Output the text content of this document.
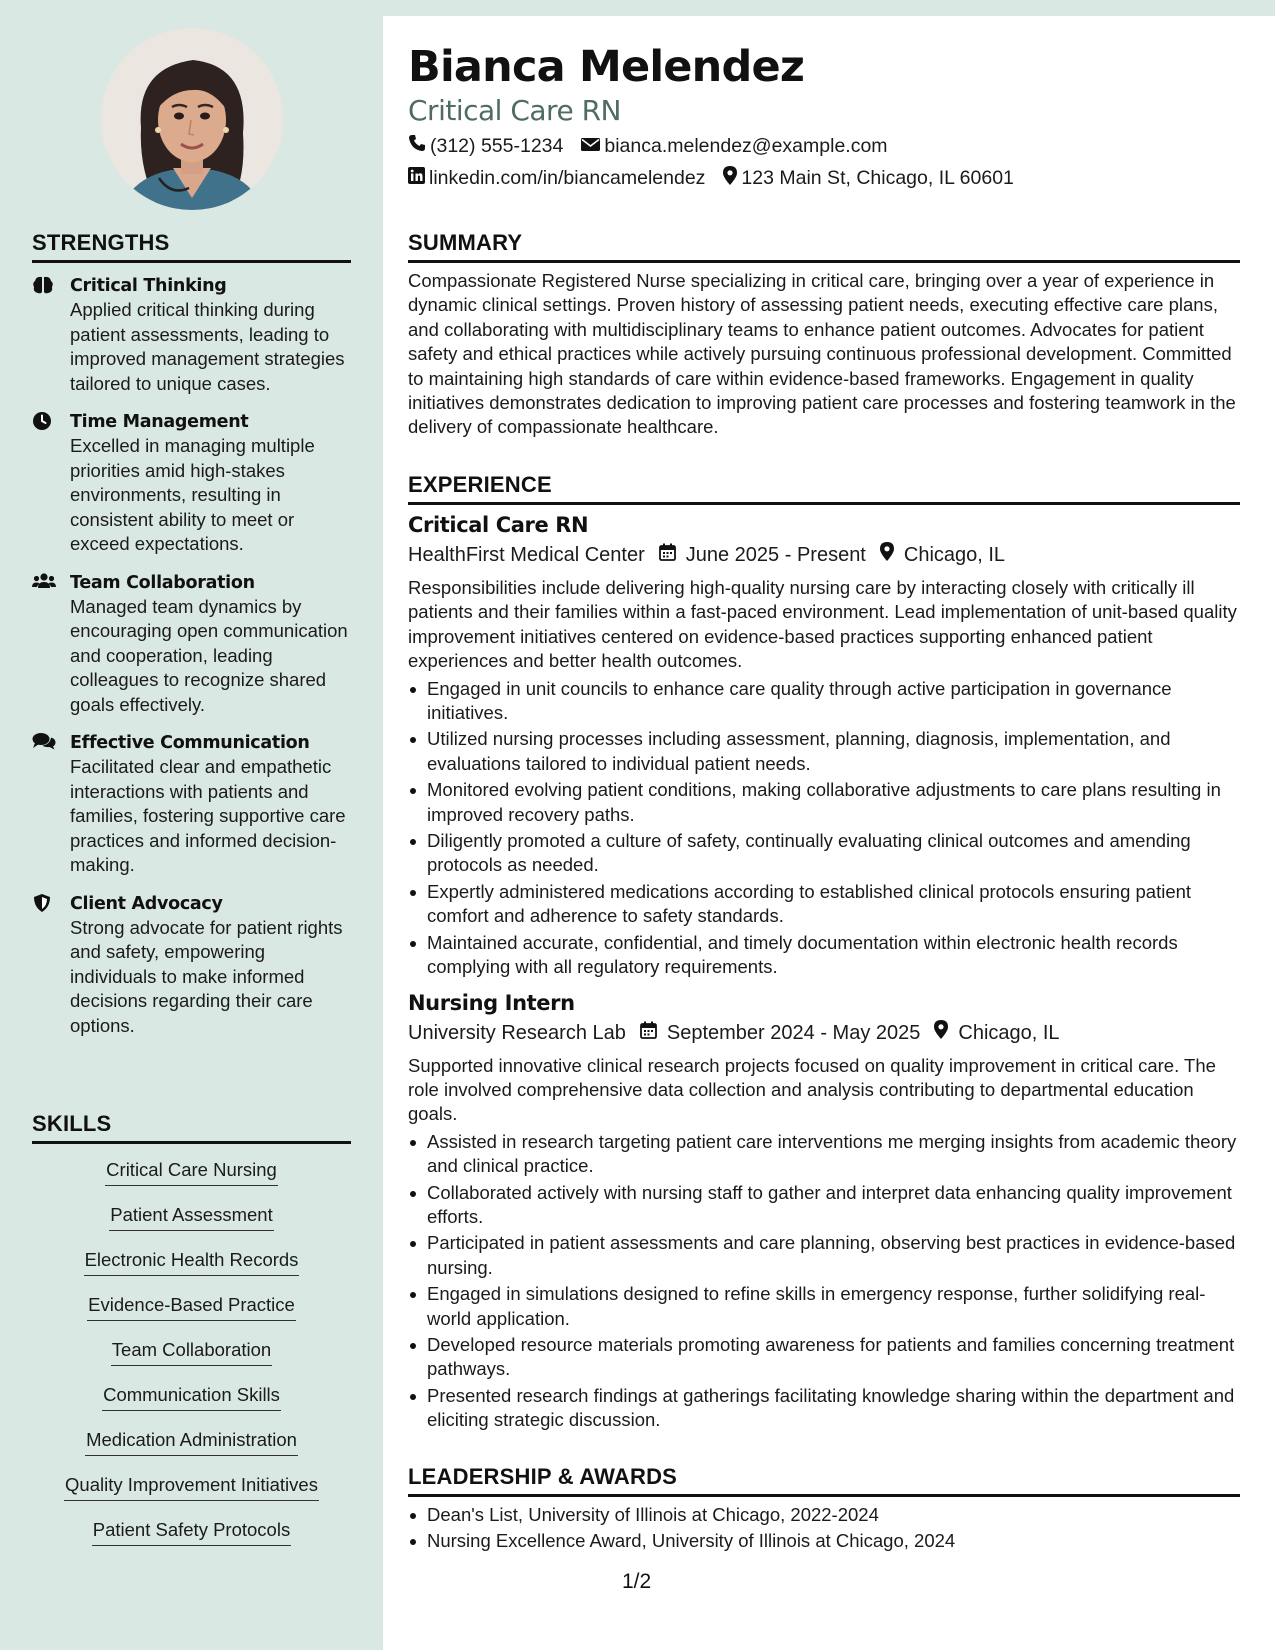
STRENGTHS
Critical Thinking
Applied critical thinking during patient assessments, leading to improved management strategies tailored to unique cases.
Time Management
Excelled in managing multiple priorities amid high-stakes environments, resulting in consistent ability to meet or exceed expectations.
Team Collaboration
Managed team dynamics by encouraging open communication and cooperation, leading colleagues to recognize shared goals effectively.
Effective Communication
Facilitated clear and empathetic interactions with patients and families, fostering supportive care practices and informed decision-making.
Client Advocacy
Strong advocate for patient rights and safety, empowering individuals to make informed decisions regarding their care options.
SKILLS
Critical Care Nursing
Patient Assessment
Electronic Health Records
Evidence-Based Practice
Team Collaboration
Communication Skills
Medication Administration
Quality Improvement Initiatives
Patient Safety Protocols
Bianca Melendez
Critical Care RN
(312) 555-1234 bianca.melendez@example.com
linkedin.com/in/biancamelendez 123 Main St, Chicago, IL 60601
SUMMARY
Compassionate Registered Nurse specializing in critical care, bringing over a year of experience in dynamic clinical settings. Proven history of assessing patient needs, executing effective care plans, and collaborating with multidisciplinary teams to enhance patient outcomes. Advocates for patient safety and ethical practices while actively pursuing continuous professional development. Committed to maintaining high standards of care within evidence-based frameworks. Engagement in quality initiatives demonstrates dedication to improving patient care processes and fostering teamwork in the delivery of compassionate healthcare.
EXPERIENCE
Critical Care RN
HealthFirst Medical Center June 2025 - Present Chicago, IL
Responsibilities include delivering high-quality nursing care by interacting closely with critically ill patients and their families within a fast-paced environment. Lead implementation of unit-based quality improvement initiatives centered on evidence-based practices supporting enhanced patient experiences and better health outcomes.
Engaged in unit councils to enhance care quality through active participation in governance initiatives.
Utilized nursing processes including assessment, planning, diagnosis, implementation, and evaluations tailored to individual patient needs.
Monitored evolving patient conditions, making collaborative adjustments to care plans resulting in improved recovery paths.
Diligently promoted a culture of safety, continually evaluating clinical outcomes and amending protocols as needed.
Expertly administered medications according to established clinical protocols ensuring patient comfort and adherence to safety standards.
Maintained accurate, confidential, and timely documentation within electronic health records complying with all regulatory requirements.
Nursing Intern
University Research Lab September 2024 - May 2025 Chicago, IL
Supported innovative clinical research projects focused on quality improvement in critical care. The role involved comprehensive data collection and analysis contributing to departmental education goals.
Assisted in research targeting patient care interventions me merging insights from academic theory and clinical practice.
Collaborated actively with nursing staff to gather and interpret data enhancing quality improvement efforts.
Participated in patient assessments and care planning, observing best practices in evidence-based nursing.
Engaged in simulations designed to refine skills in emergency response, further solidifying real-world application.
Developed resource materials promoting awareness for patients and families concerning treatment pathways.
Presented research findings at gatherings facilitating knowledge sharing within the department and eliciting strategic discussion.
LEADERSHIP & AWARDS
Dean's List, University of Illinois at Chicago, 2022-2024
Nursing Excellence Award, University of Illinois at Chicago, 2024
1/2
